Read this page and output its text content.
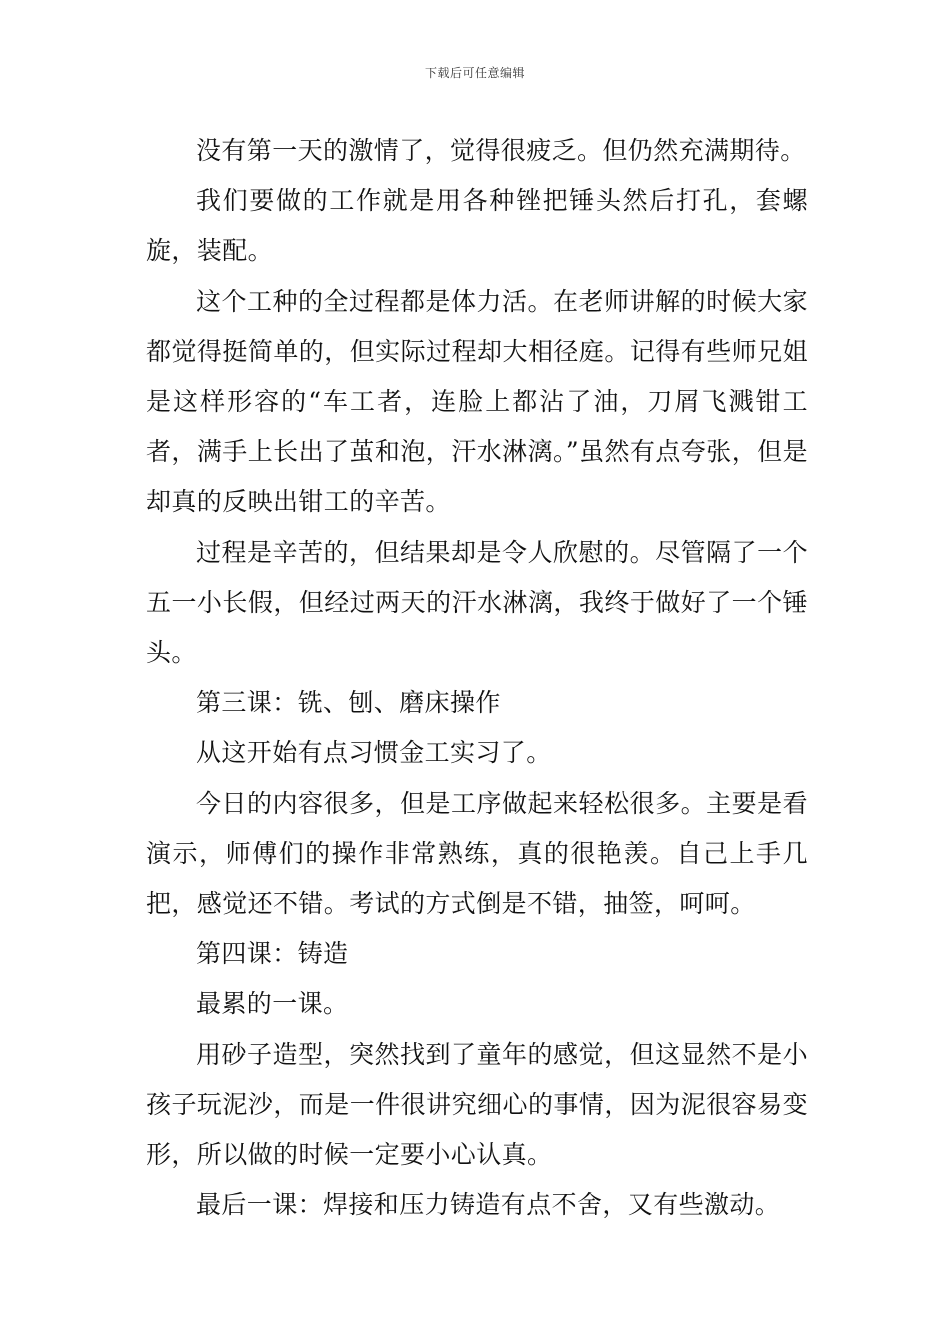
下载后可任意编辑

没有第一天的激情了，觉得很疲乏。但仍然充满期待。

我们要做的工作就是用各种锉把锤头然后打孔，套螺旋，装配。

这个工种的全过程都是体力活。在老师讲解的时候大家都觉得挺简单的，但实际过程却大相径庭。记得有些师兄姐是这样形容的“车工者，连脸上都沾了油，刀屑飞溅钳工者，满手上长出了茧和泡，汗水淋漓。”虽然有点夸张，但是却真的反映出钳工的辛苦。

过程是辛苦的，但结果却是令人欣慰的。尽管隔了一个五一小长假，但经过两天的汗水淋漓，我终于做好了一个锤头。

第三课：铣、刨、磨床操作

从这开始有点习惯金工实习了。

今日的内容很多，但是工序做起来轻松很多。主要是看演示，师傅们的操作非常熟练，真的很艳羡。自己上手几把，感觉还不错。考试的方式倒是不错，抽签，呵呵。

第四课：铸造

最累的一课。

用砂子造型，突然找到了童年的感觉，但这显然不是小孩子玩泥沙，而是一件很讲究细心的事情，因为泥很容易变形，所以做的时候一定要小心认真。

最后一课：焊接和压力铸造有点不舍，又有些激动。
